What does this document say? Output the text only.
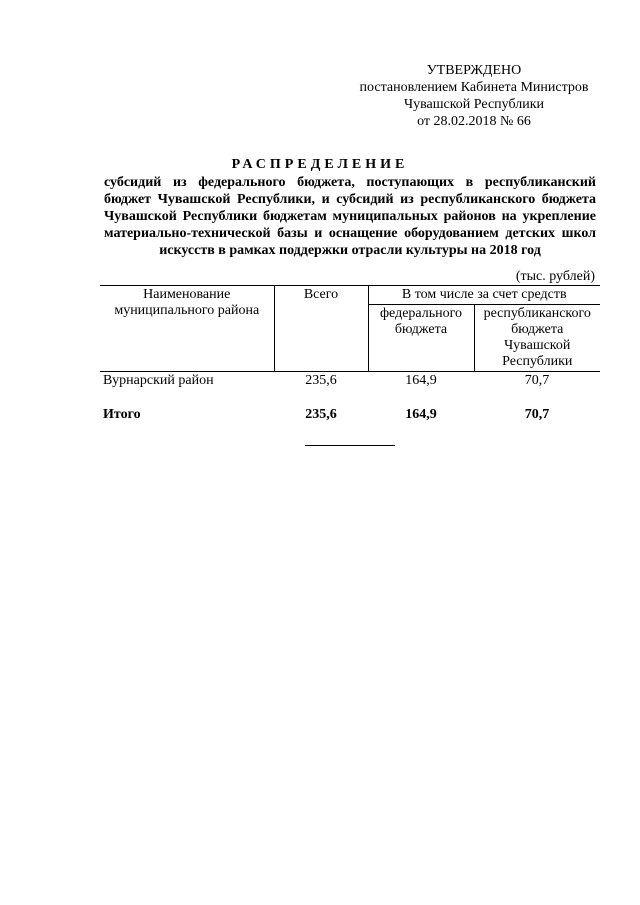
УТВЕРЖДЕНО
постановлением Кабинета Министров
Чувашской Республики
от 28.02.2018 № 66
РАСПРЕДЕЛЕНИЕ
субсидий из федерального бюджета, поступающих в республиканский бюджет Чувашской Республики, и субсидий из республиканского бюджета Чувашской Республики бюджетам муниципальных районов на укрепление материально-технической базы и оснащение оборудованием детских школ искусств в рамках поддержки отрасли культуры на 2018 год
(тыс. рублей)
Наименование муниципального района	Всего	В том числе за счет средств	
		федерального бюджета	республиканского бюджета Чувашской Республики
Вурнарский район	235,6	164,9	70,7
Итого	235,6	164,9	70,7
